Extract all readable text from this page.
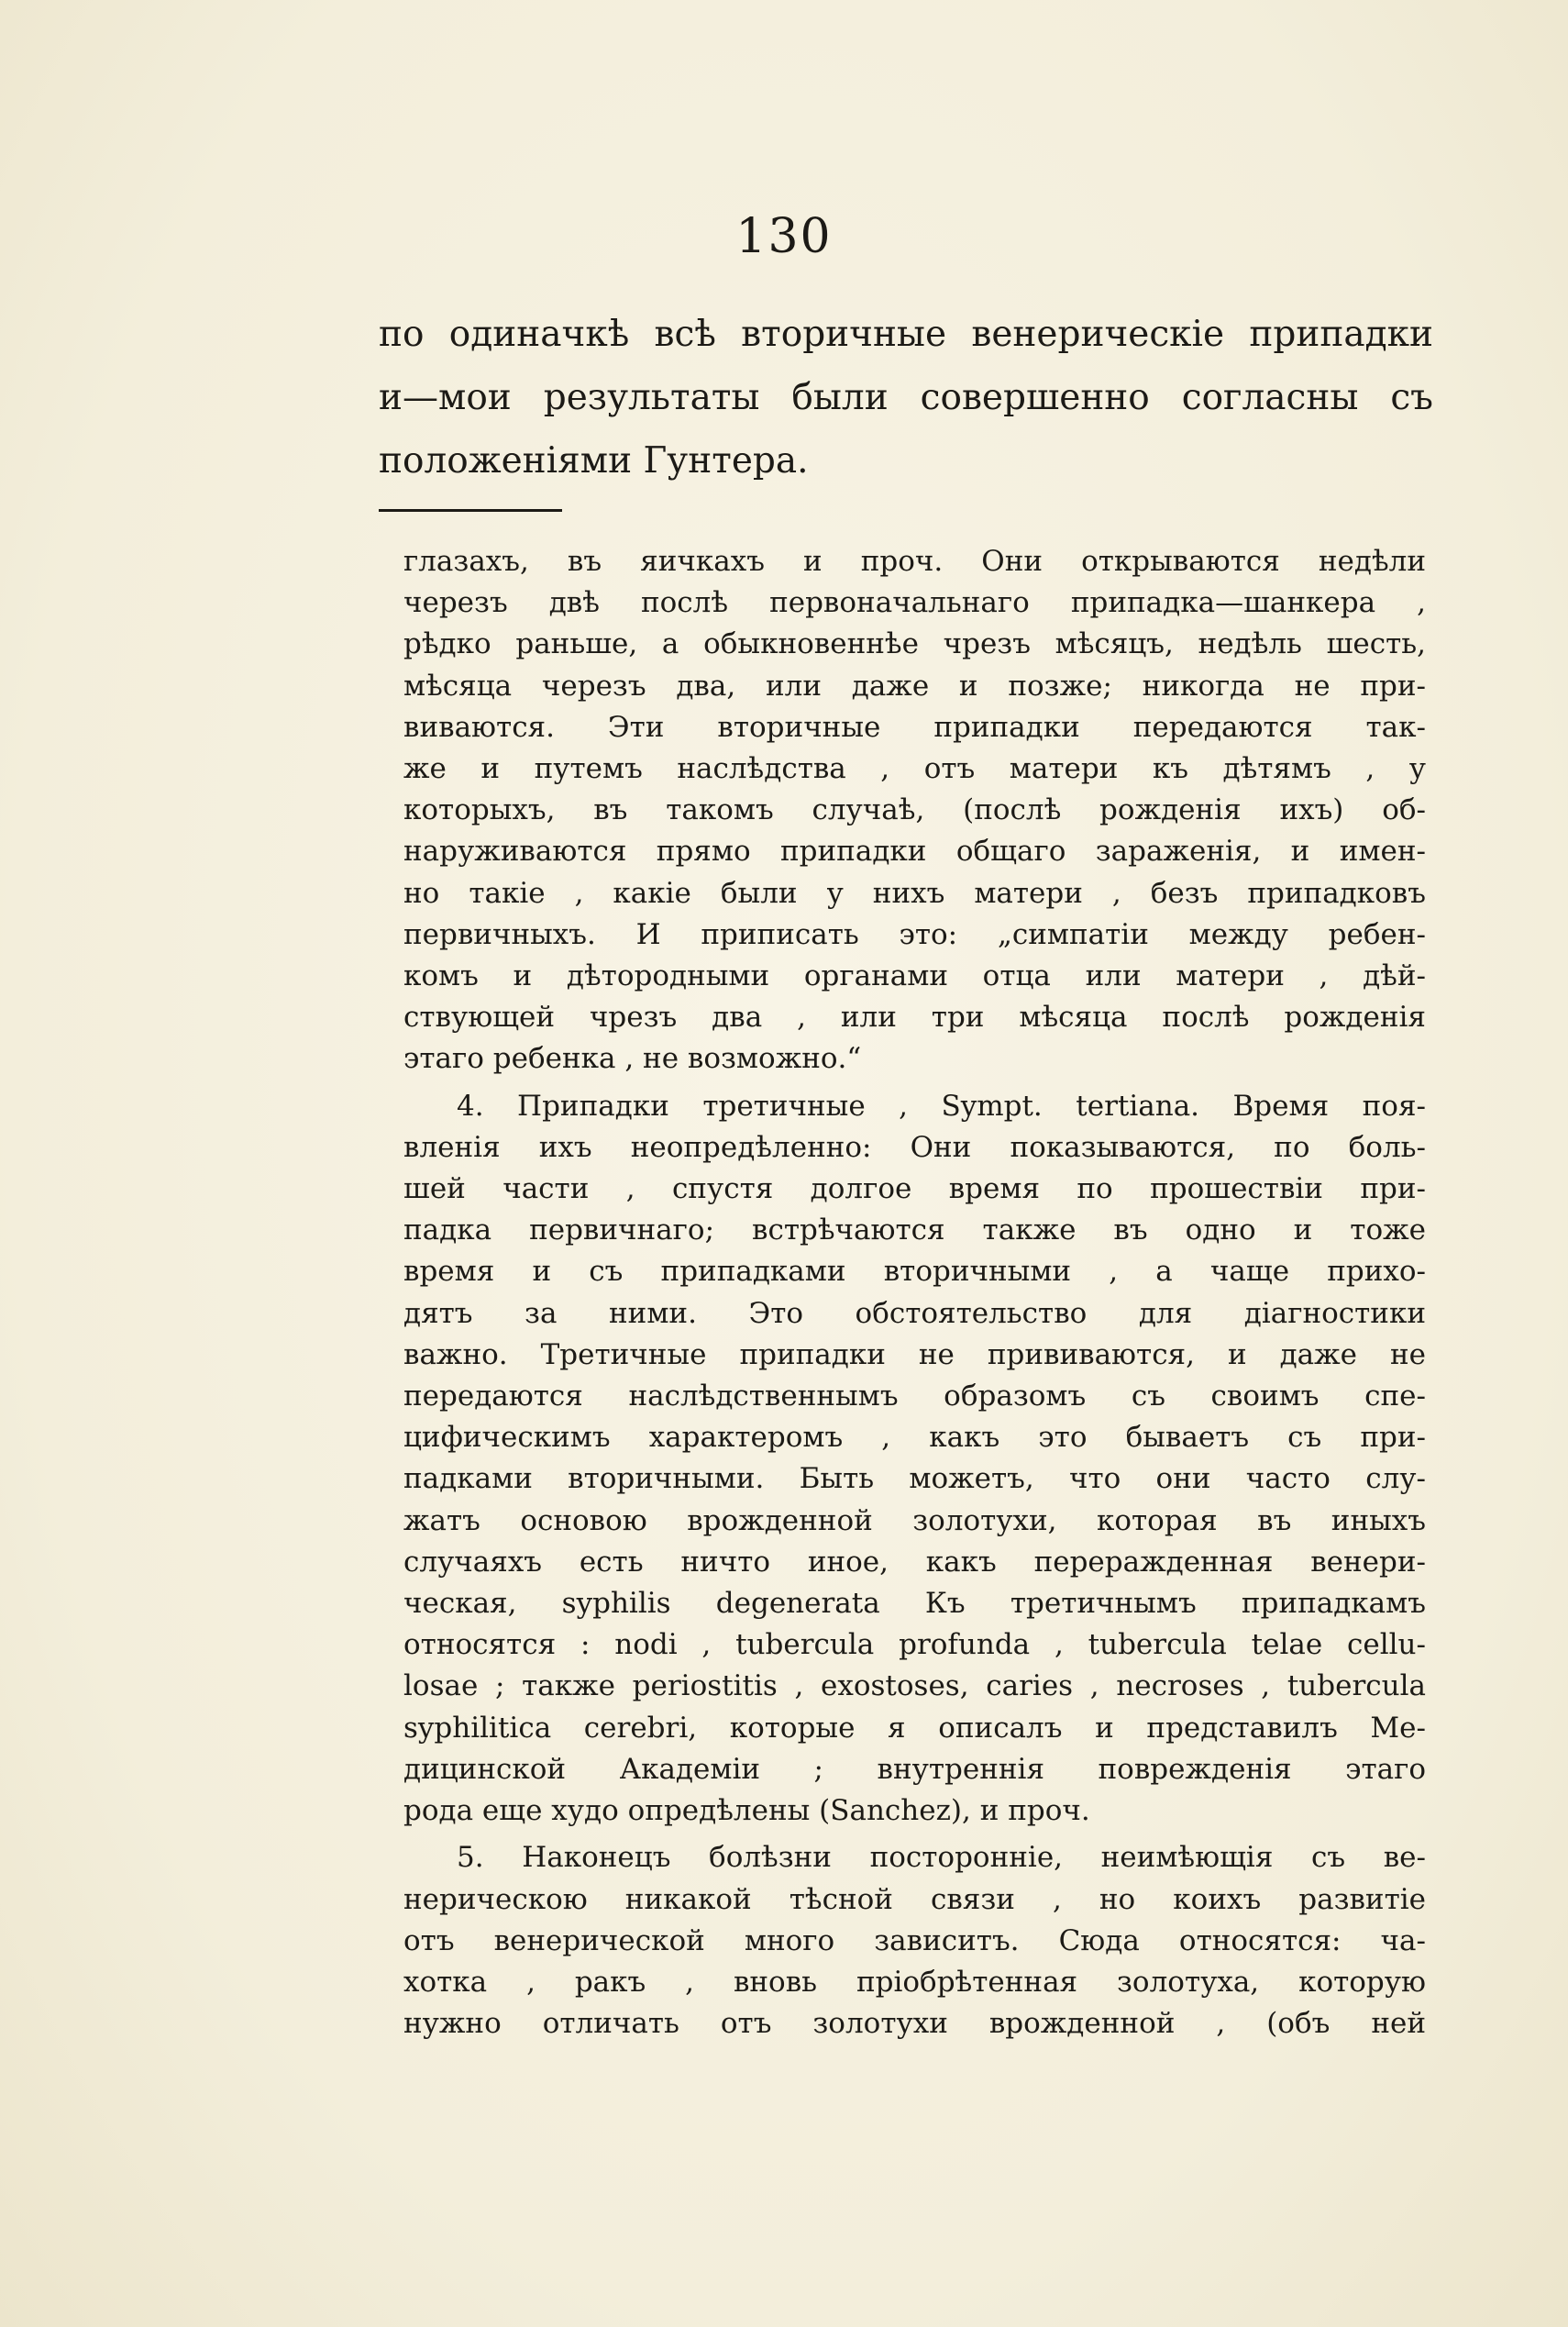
130
по одиначкѣ всѣ вторичные венерическіе припадки
и—мои результаты были совершенно согласны съ
положеніями Гунтера.
глазахъ, въ яичкахъ и проч. Они открываются недѣли
черезъ двѣ послѣ первоначальнаго припадка—шанкера ,
рѣдко раньше, а обыкновеннѣе чрезъ мѣсяцъ, недѣль шесть,
мѣсяца черезъ два, или даже и позже; никогда не при-
виваются. Эти вторичные припадки передаются так-
же и путемъ наслѣдства , отъ матери къ дѣтямъ , у
которыхъ, въ такомъ случаѣ, (послѣ рожденія ихъ) об-
наруживаются прямо припадки общаго зараженія, и имен-
но такіе , какіе были у нихъ матери , безъ припадковъ
первичныхъ. И приписать это: „симпатіи между ребен-
комъ и дѣтородными органами отца или матери , дѣй-
ствующей чрезъ два , или три мѣсяца послѣ рожденія
этаго ребенка , не возможно.“
4. Припадки третичные , Sympt. tertiana. Время поя-
вленія ихъ неопредѣленно: Они показываются, по боль-
шей части , спустя долгое время по прошествіи при-
падка первичнаго; встрѣчаются также въ одно и тоже
время и съ припадками вторичными , а чаще прихо-
дятъ за ними. Это обстоятельство для діагностики
важно. Третичные припадки не прививаются, и даже не
передаются наслѣдственнымъ образомъ съ своимъ спе-
цифическимъ характеромъ , какъ это бываетъ съ при-
падками вторичными. Быть можетъ, что они часто слу-
жатъ основою врожденной золотухи, которая въ иныхъ
случаяхъ есть ничто иное, какъ переражденная венери-
ческая, syphilis degenerata Къ третичнымъ припадкамъ
относятся : nodi , tubercula profunda , tubercula telae cellu-
losae ; также periostitis , exostoses, caries , necroses , tubercula
syphilitica cerebri, которые я описалъ и представилъ Ме-
дицинской Академіи ; внутреннія поврежденія этаго
рода еще худо опредѣлены (Sanchez), и проч.
5. Наконецъ болѣзни посторонніе, неимѣющія съ ве-
нерическою никакой тѣсной связи , но коихъ развитіе
отъ венерической много зависитъ. Сюда относятся: ча-
хотка , ракъ , вновь пріобрѣтенная золотуха, которую
нужно отличать отъ золотухи врожденной , (объ ней
